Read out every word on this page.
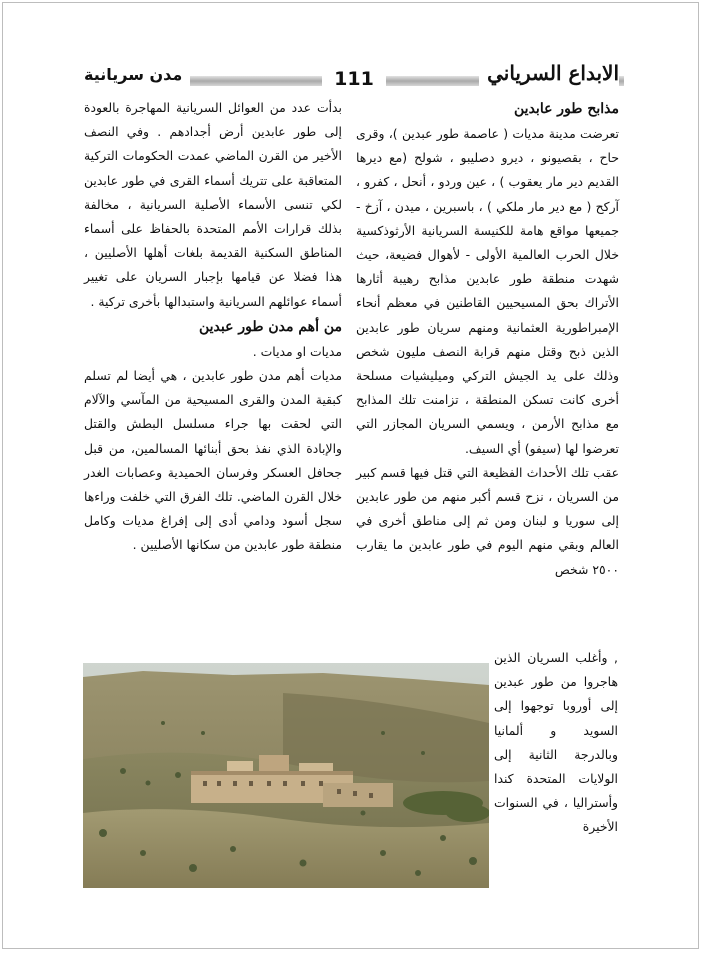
الابداع السرياني
111
مدن سريانية
مذابح طور عابدين

تعرضت مدينة مديات ( عاصمة طور عبدين )، وقرى حاح ، بقصيونو ، ديرو دصليبو ، شولح (مع ديرها القديم دير مار يعقوب ) ، عين وردو ، أنحل ، كفرو ، آركح ( مع دير مار ملكي ) ، باسبرين ، ميدن ، آزخ - جميعها مواقع هامة للكنيسة السريانية الأرثوذكسية خلال الحرب العالمية الأولى - لأهوال فضيعة، حيث شهدت منطقة طور عابدين مذابح رهيبة أثارها الأتراك بحق المسيحيين القاطنين في معظم أنحاء الإمبراطورية العثمانية ومنهم سريان طور عابدين الذين ذبح وقتل منهم قرابة النصف مليون شخص وذلك على يد الجيش التركي وميليشيات مسلحة أخرى كانت تسكن المنطقة ، تزامنت تلك المذابح مع مذابح الأرمن ، ويسمي السريان المجازر التي تعرضوا لها (سيفو) أي السيف.

عقب تلك الأحداث الفظيعة التي قتل فيها قسم كبير من السريان ، نزح قسم أكبر منهم من طور عابدين إلى سوريا و لبنان ومن ثم إلى مناطق أخرى في العالم وبقي منهم اليوم في طور عابدين ما يقارب ٢٥٠٠ شخص

, وأغلب السريان الذين هاجروا من طور عبدين إلى أوروبا توجهوا إلى السويد و ألمانيا وبالدرجة الثانية إلى الولايات المتحدة كندا وأستراليا ، في السنوات الأخيرة

بدأت عدد من العوائل السريانية المهاجرة بالعودة إلى طور عابدين أرض أجدادهم . وفي النصف الأخير من القرن الماضي عمدت الحكومات التركية المتعاقبة على تتريك أسماء القرى في طور عابدين لكي تنسى الأسماء الأصلية السريانية ، مخالفة بذلك قرارات الأمم المتحدة بالحفاظ على أسماء المناطق السكنية القديمة بلغات أهلها الأصليين ، هذا فضلا عن قيامها بإجبار السريان على تغيير أسماء عوائلهم السريانية واستبدالها بأخرى تركية .

من أهم مدن طور عبدين

مديات او مديات .

مديات أهم مدن طور عابدين ، هي أيضا لم تسلم كبقية المدن والقرى المسيحية من المآسي والآلام التي لحقت بها جراء مسلسل البطش والقتل والإبادة الذي نفذ بحق أبنائها المسالمين، من قبل جحافل العسكر وفرسان الحميدية وعصابات الغدر خلال القرن الماضي. تلك الفرق التي خلفت وراءها سجل أسود ودامي أدى إلى إفراغ مديات وكامل منطقة طور عابدين من سكانها الأصليين .
